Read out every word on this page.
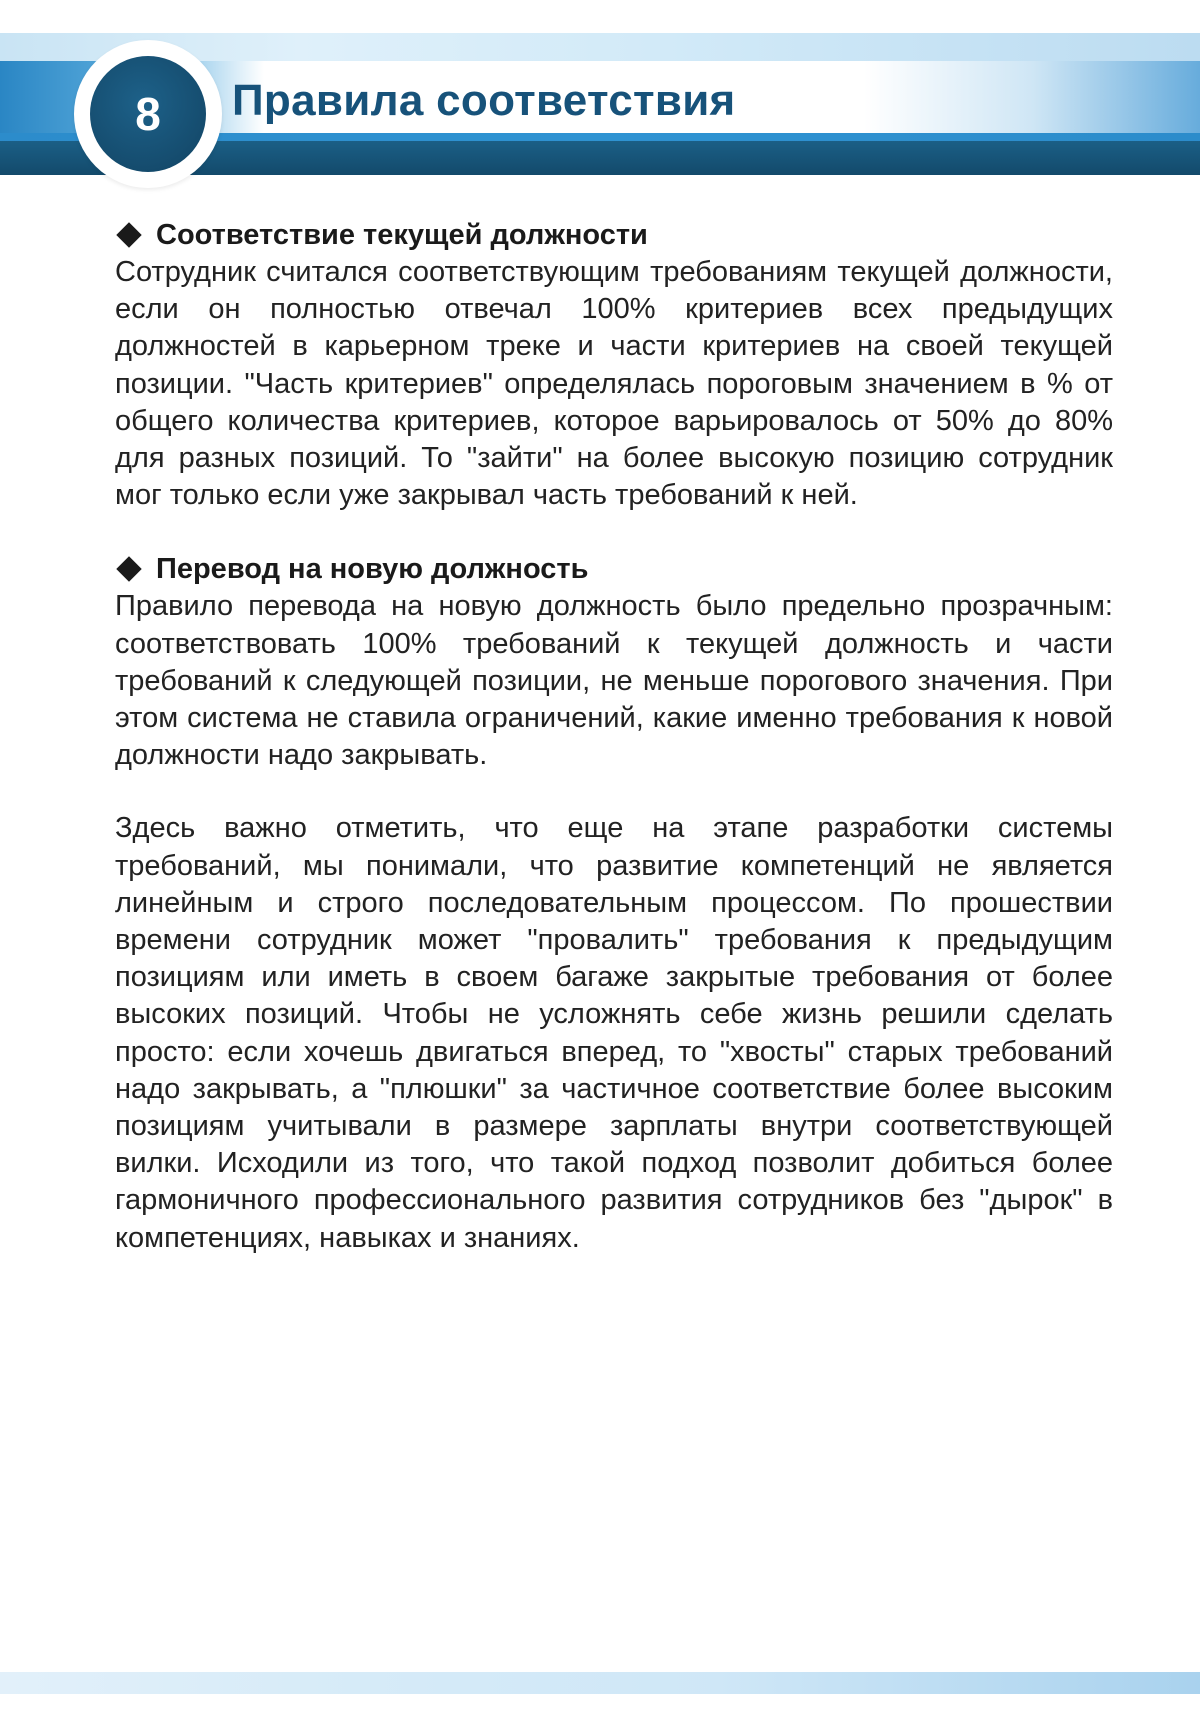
8	Правила соответствия
Соответствие текущей должности

Сотрудник считался соответствующим требованиям текущей должности, если он полностью отвечал 100% критериев всех предыдущих должностей в карьерном треке и части критериев на своей текущей позиции. "Часть критериев" определялась пороговым значением в % от общего количества критериев, которое варьировалось от 50% до 80% для разных позиций. То "зайти" на более высокую позицию сотрудник мог только если уже закрывал часть требований к ней.

Перевод на новую должность

Правило перевода на новую должность было предельно прозрачным: соответствовать 100% требований к текущей должность и части требований к следующей позиции, не меньше порогового значения. При этом система не ставила ограничений, какие именно требования к новой должности надо закрывать.

Здесь важно отметить, что еще на этапе разработки системы требований, мы понимали, что развитие компетенций не является линейным и строго последовательным процессом. По прошествии времени сотрудник может "провалить" требования к предыдущим позициям или иметь в своем багаже закрытые требования от более высоких позиций. Чтобы не усложнять себе жизнь решили сделать просто: если хочешь двигаться вперед, то "хвосты" старых требований надо закрывать, а "плюшки" за частичное соответствие более высоким позициям учитывали в размере зарплаты внутри соответствующей вилки. Исходили из того, что такой подход позволит добиться более гармоничного профессионального развития сотрудников без "дырок" в компетенциях, навыках и знаниях.
